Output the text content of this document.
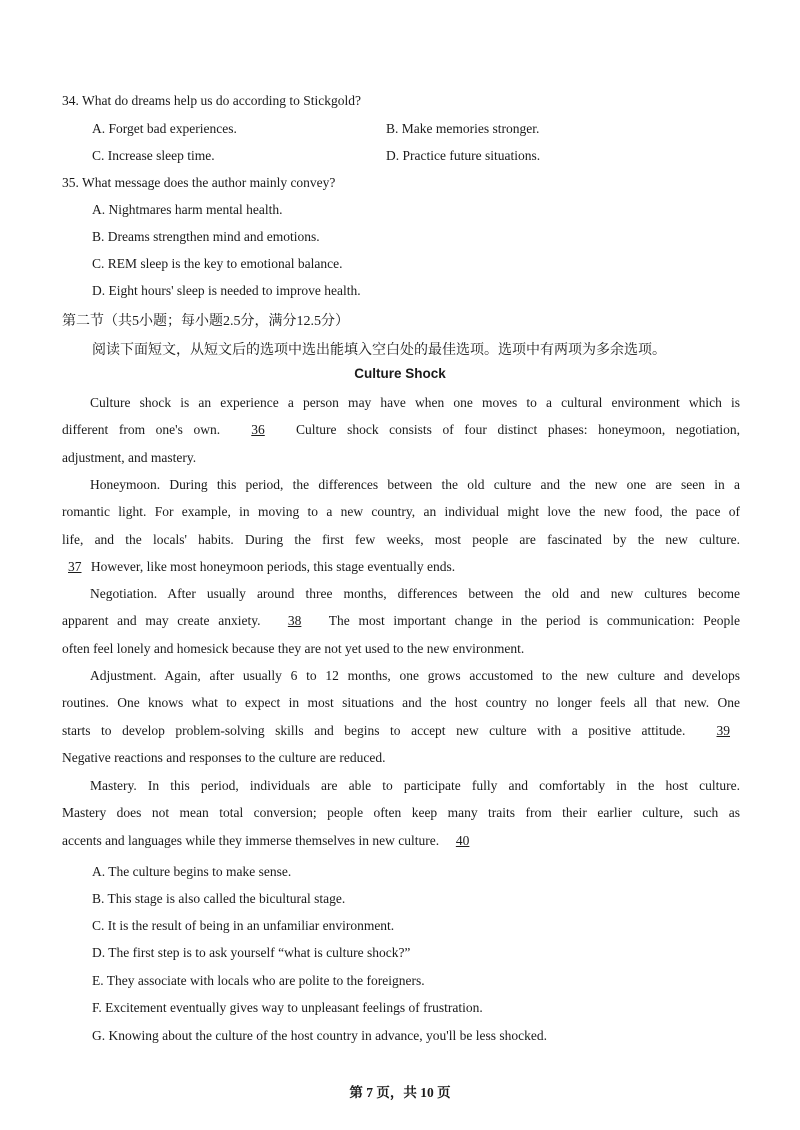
34. What do dreams help us do according to Stickgold?
A. Forget bad experiences.	B. Make memories stronger.
C. Increase sleep time.	D. Practice future situations.
35. What message does the author mainly convey?
A. Nightmares harm mental health.
B. Dreams strengthen mind and emotions.
C. REM sleep is the key to emotional balance.
D. Eight hours' sleep is needed to improve health.
第二节（共5小题；每小题2.5分，满分12.5分）
阅读下面短文，从短文后的选项中选出能填入空白处的最佳选项。选项中有两项为多余选项。
Culture Shock
Culture shock is an experience a person may have when one moves to a cultural environment which is
different from one's own. 36 Culture shock consists of four distinct phases: honeymoon, negotiation,
adjustment, and mastery.
Honeymoon. During this period, the differences between the old culture and the new one are seen in a
romantic light. For example, in moving to a new country, an individual might love the new food, the pace of
life, and the locals' habits. During the first few weeks, most people are fascinated by the new culture.
37 However, like most honeymoon periods, this stage eventually ends.
Negotiation. After usually around three months, differences between the old and new cultures become
apparent and may create anxiety. 38 The most important change in the period is communication: People
often feel lonely and homesick because they are not yet used to the new environment.
Adjustment. Again, after usually 6 to 12 months, one grows accustomed to the new culture and develops
routines. One knows what to expect in most situations and the host country no longer feels all that new. One
starts to develop problem-solving skills and begins to accept new culture with a positive attitude. 39
Negative reactions and responses to the culture are reduced.
Mastery. In this period, individuals are able to participate fully and comfortably in the host culture.
Mastery does not mean total conversion; people often keep many traits from their earlier culture, such as
accents and languages while they immerse themselves in new culture. 40
A. The culture begins to make sense.
B. This stage is also called the bicultural stage.
C. It is the result of being in an unfamiliar environment.
D. The first step is to ask yourself “what is culture shock?”
E. They associate with locals who are polite to the foreigners.
F. Excitement eventually gives way to unpleasant feelings of frustration.
G. Knowing about the culture of the host country in advance, you'll be less shocked.
第 7 页，共 10 页
